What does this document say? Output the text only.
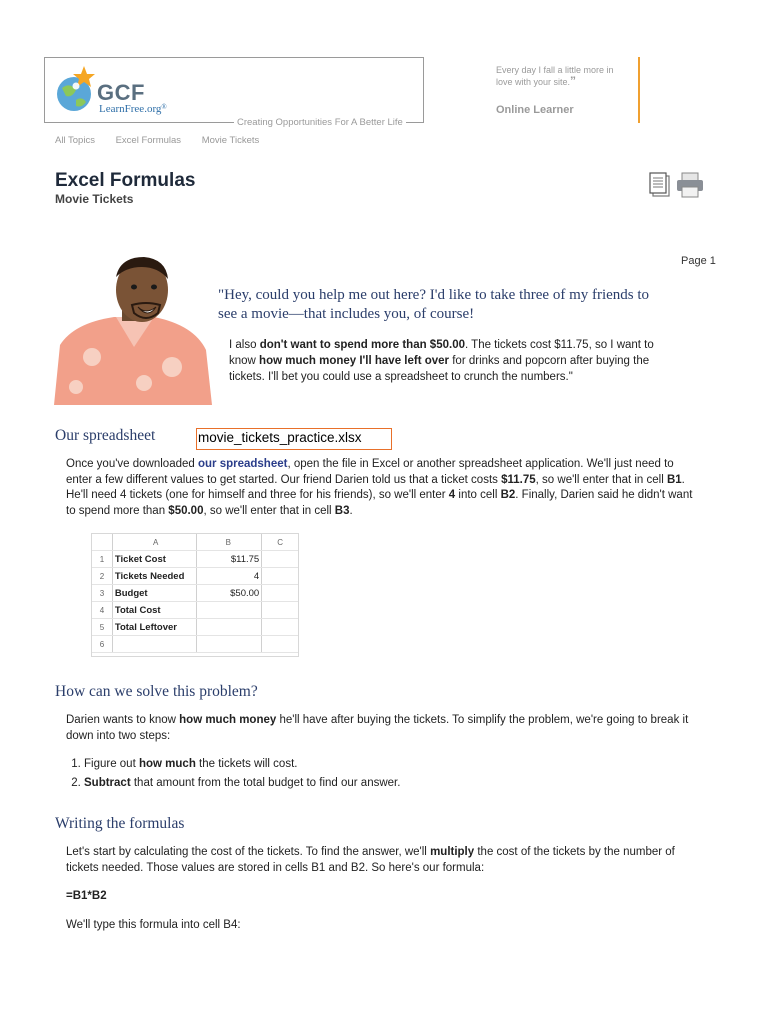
GCF
LearnFree.org®
Creating Opportunities For A Better Life
Every day I fall a little more in love with your site.”
Online Learner
All Topics Excel Formulas Movie Tickets
Excel Formulas
Movie Tickets
Page 1
"Hey, could you help me out here? I'd like to take three of my friends to see a movie—that includes you, of course!
I also don't want to spend more than $50.00. The tickets cost $11.75, so I want to know how much money I'll have left over for drinks and popcorn after buying the tickets. I'll bet you could use a spreadsheet to crunch the numbers."
Our spreadsheet	movie_tickets_practice.xlsx
Once you've downloaded our spreadsheet, open the file in Excel or another spreadsheet application. We'll just need to enter a few different values to get started. Our friend Darien told us that a ticket costs $11.75, so we'll enter that in cell B1. He'll need 4 tickets (one for himself and three for his friends), so we'll enter 4 into cell B2. Finally, Darien said he didn't want to spend more than $50.00, so we'll enter that in cell B3.
	A	B	C
1	Ticket Cost	$11.75	
2	Tickets Needed	4	
3	Budget	$50.00	
4	Total Cost		
5	Total Leftover		
6			
How can we solve this problem?
Darien wants to know how much money he'll have after buying the tickets. To simplify the problem, we're going to break it down into two steps:
1. Figure out how much the tickets will cost.
2. Subtract that amount from the total budget to find our answer.
Writing the formulas
Let's start by calculating the cost of the tickets. To find the answer, we'll multiply the cost of the tickets by the number of tickets needed. Those values are stored in cells B1 and B2. So here's our formula:
=B1*B2
We'll type this formula into cell B4:
